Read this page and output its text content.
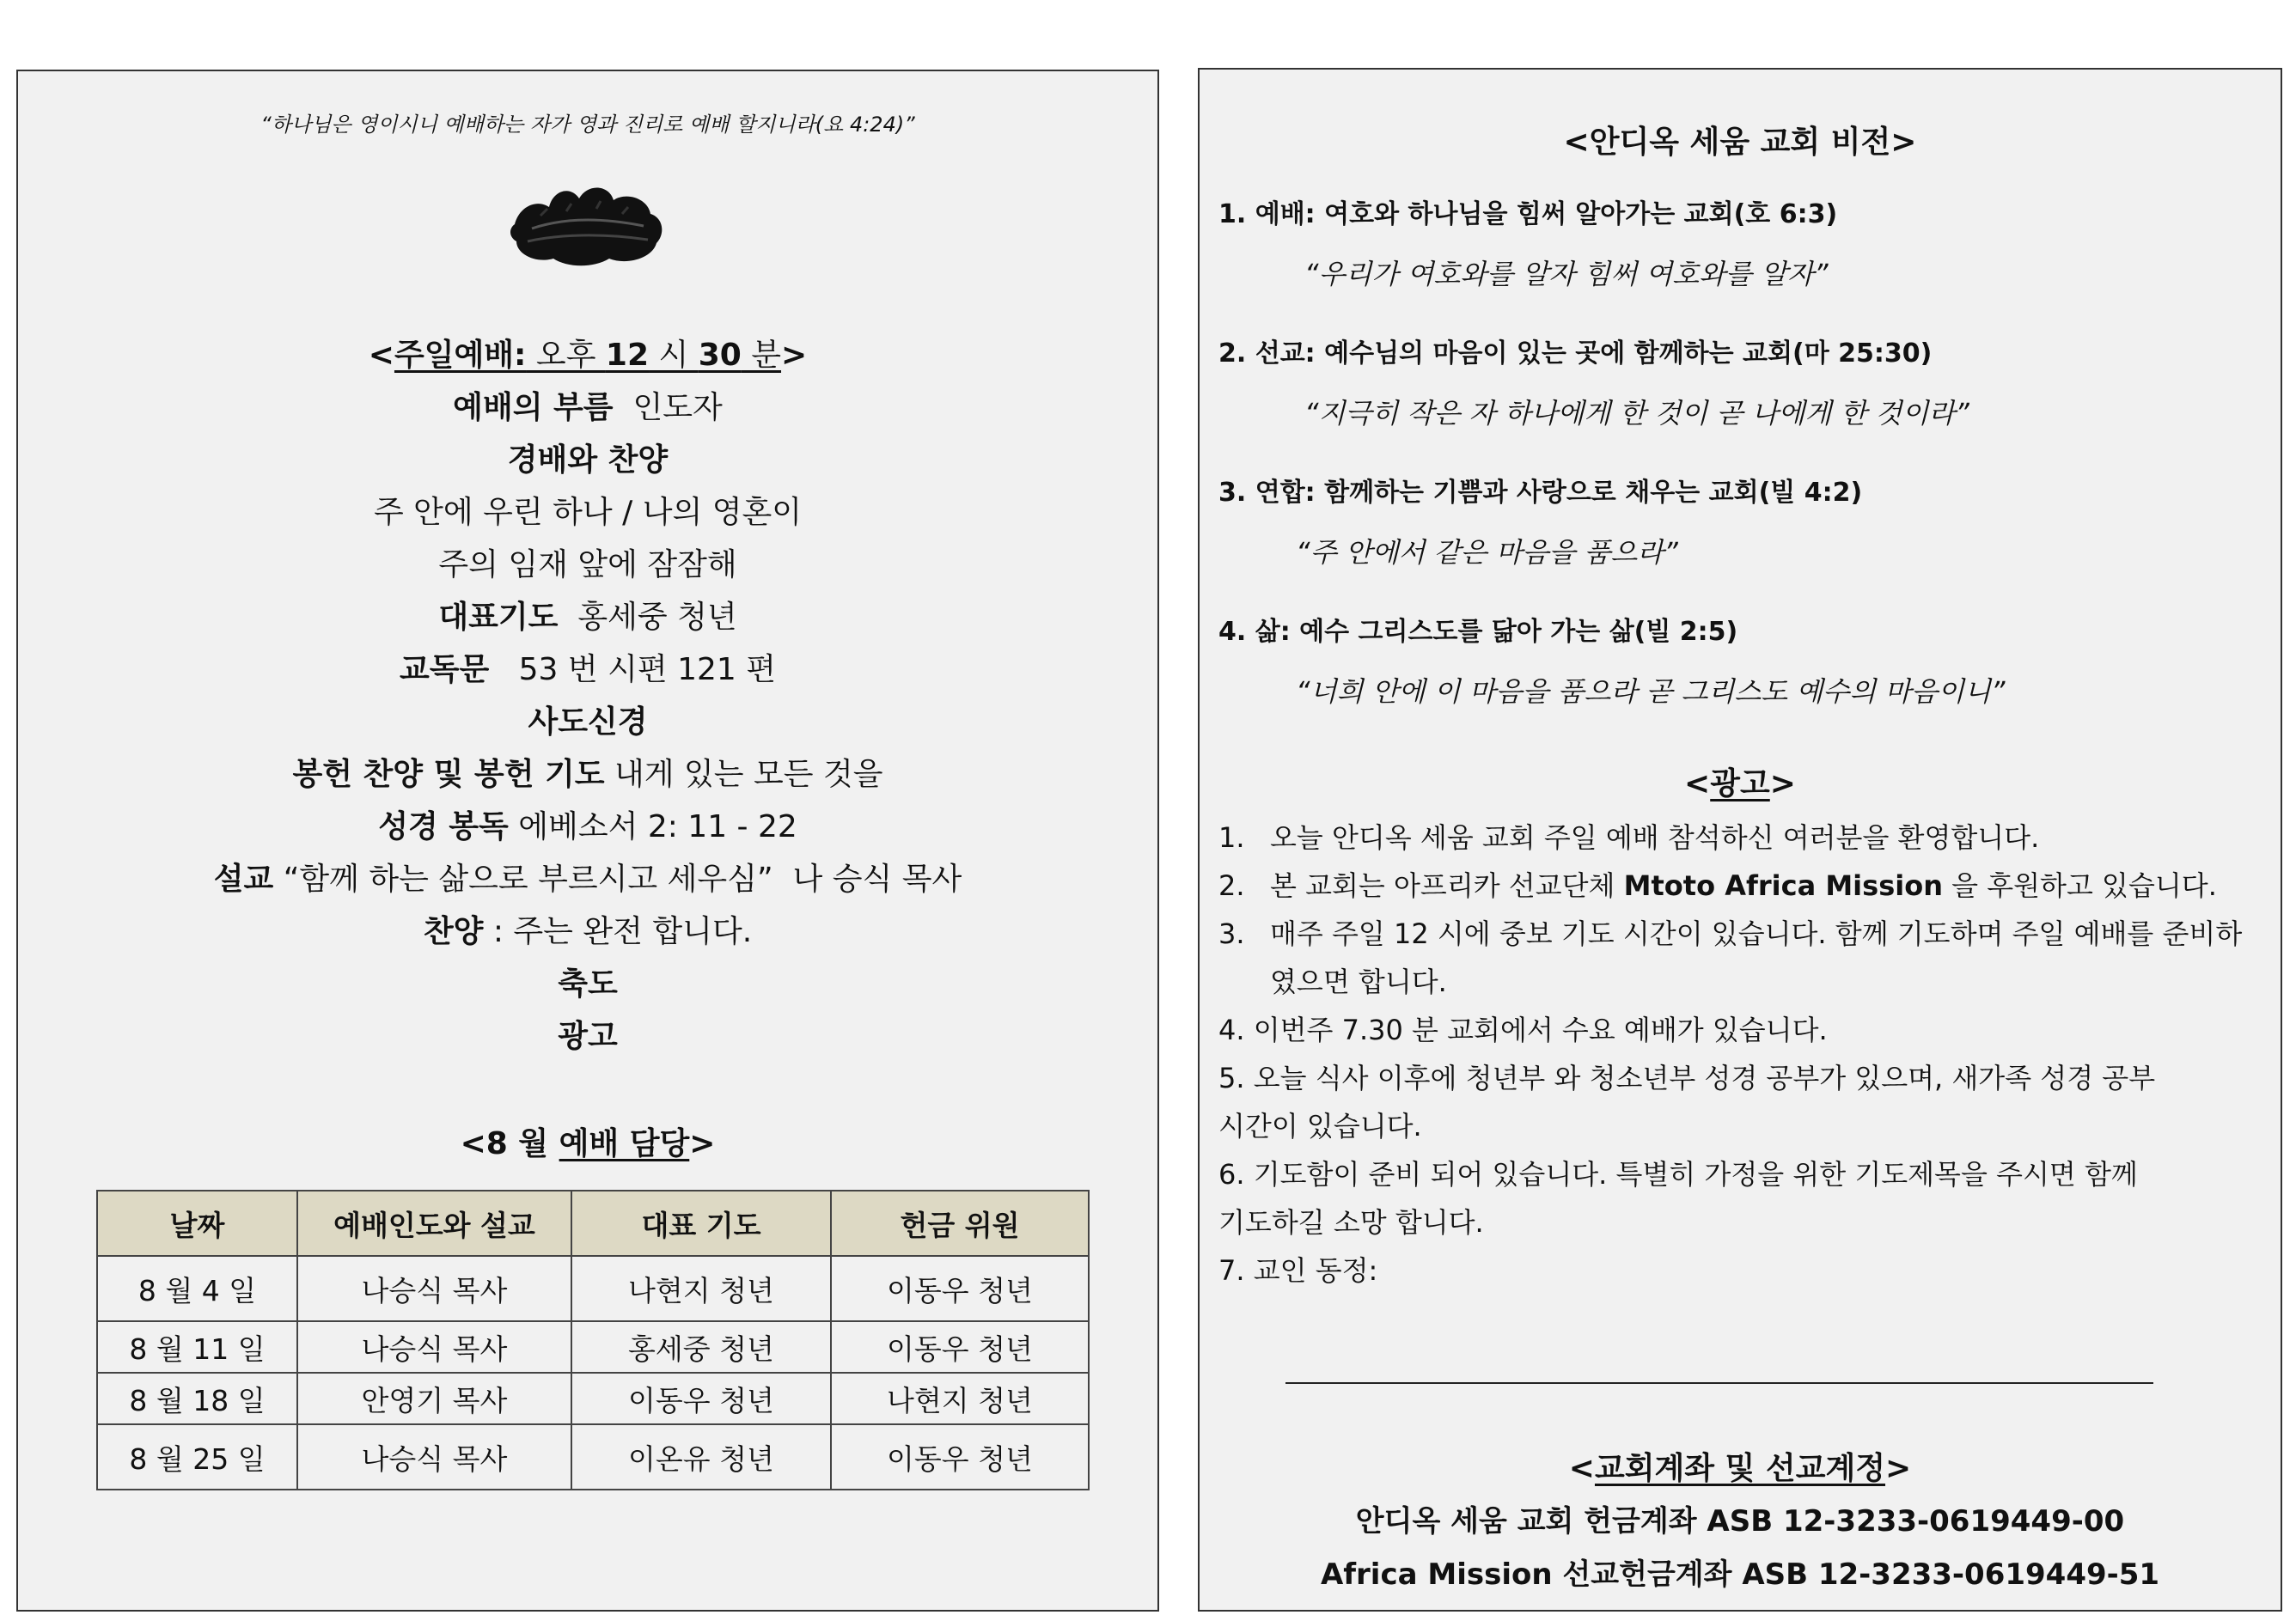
“하나님은 영이시니 예배하는 자가 영과 진리로 예배 할지니라(요 4:24)”
<주일예배: 오후 12 시 30 분>
예배의 부름  인도자
경배와 찬양
주 안에 우린 하나 / 나의 영혼이
주의 임재 앞에 잠잠해
대표기도  홍세중 청년
교독문   53 번 시편 121 편
사도신경
봉헌 찬양 및 봉헌 기도 내게 있는 모든 것을
성경 봉독 에베소서 2: 11 - 22
설교 “함께 하는 삶으로 부르시고 세우심”  나 승식 목사
찬양 : 주는 완전 합니다.
축도
광고
<8 월 예배 담당>
날짜	예배인도와 설교	대표 기도	헌금 위원
8 월 4 일	나승식 목사	나현지 청년	이동우 청년
8 월 11 일	나승식 목사	홍세중 청년	이동우 청년
8 월 18 일	안영기 목사	이동우 청년	나현지 청년
8 월 25 일	나승식 목사	이온유 청년	이동우 청년
<안디옥 세움 교회 비전>
1. 예배: 여호와 하나님을 힘써 알아가는 교회(호 6:3)
“우리가 여호와를 알자 힘써 여호와를 알자”
2. 선교: 예수님의 마음이 있는 곳에 함께하는 교회(마 25:30)
“지극히 작은 자 하나에게 한 것이 곧 나에게 한 것이라”
3. 연합: 함께하는 기쁨과 사랑으로 채우는 교회(빌 4:2)
“주 안에서 같은 마음을 품으라”
4. 삶: 예수 그리스도를 닮아 가는 삶(빌 2:5)
“너희 안에 이 마음을 품으라 곧 그리스도 예수의 마음이니”
<광고>
1. 오늘 안디옥 세움 교회 주일 예배 참석하신 여러분을 환영합니다.
2. 본 교회는 아프리카 선교단체 Mtoto Africa Mission 을 후원하고 있습니다.
3. 매주 주일 12 시에 중보 기도 시간이 있습니다. 함께 기도하며 주일 예배를 준비하였으면 합니다.
4. 이번주 7.30 분 교회에서 수요 예배가 있습니다.
5. 오늘 식사 이후에 청년부 와 청소년부 성경 공부가 있으며, 새가족 성경 공부 시간이 있습니다.
6. 기도함이 준비 되어 있습니다. 특별히 가정을 위한 기도제목을 주시면 함께 기도하길 소망 합니다.
7. 교인 동정:
<교회계좌 및 선교계정>
안디옥 세움 교회 헌금계좌 ASB 12-3233-0619449-00
Africa Mission 선교헌금계좌 ASB 12-3233-0619449-51
